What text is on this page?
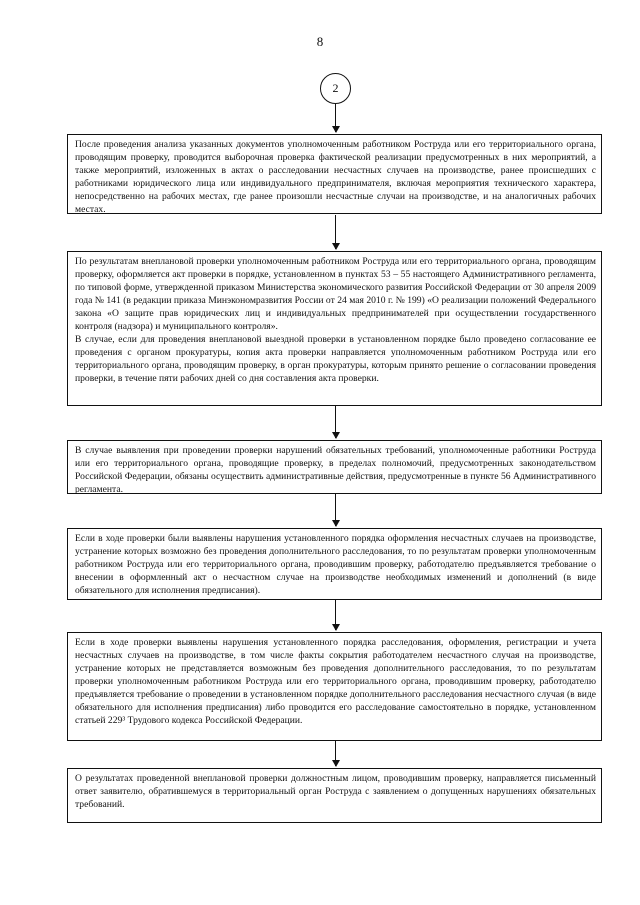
8
2

После проведения анализа указанных документов уполномоченным работником Роструда или его территориального органа, проводящим проверку, проводится выборочная проверка фактической реализации предусмотренных в них мероприятий, а также мероприятий, изложенных в актах о расследовании несчастных случаев на производстве, ранее происшедших с работниками юридического лица или индивидуального предпринимателя, включая мероприятия технического характера, непосредственно на рабочих местах, где ранее произошли несчастные случаи на производстве, и на аналогичных рабочих местах.

По результатам внеплановой проверки уполномоченным работником Роструда или его территориального органа, проводящим проверку, оформляется акт проверки в порядке, установленном в пунктах 53 – 55 настоящего Административного регламента, по типовой форме, утвержденной приказом Министерства экономического развития Российской Федерации от 30 апреля 2009 года № 141 (в редакции приказа Минэкономразвития России от 24 мая 2010 г. № 199) «О реализации положений Федерального закона «О защите прав юридических лиц и индивидуальных предпринимателей при осуществлении государственного контроля (надзора) и муниципального контроля».

В случае, если для проведения внеплановой выездной проверки в установленном порядке было проведено согласование ее проведения с органом прокуратуры, копия акта проверки направляется уполномоченным работником Роструда или его территориального органа, проводящим проверку, в орган прокуратуры, которым принято решение о согласовании проведения проверки, в течение пяти рабочих дней со дня составления акта проверки.

В случае выявления при проведении проверки нарушений обязательных требований, уполномоченные работники Роструда или его территориального органа, проводящие проверку, в пределах полномочий, предусмотренных законодательством Российской Федерации, обязаны осуществить административные действия, предусмотренные в пункте 56 Административного регламента.

Если в ходе проверки были выявлены нарушения установленного порядка оформления несчастных случаев на производстве, устранение которых возможно без проведения дополнительного расследования, то по результатам проверки уполномоченным работником Роструда или его территориального органа, проводившим проверку, работодателю предъявляется требование о внесении в оформленный акт о несчастном случае на производстве необходимых изменений и дополнений (в виде обязательного для исполнения предписания).

Если в ходе проверки выявлены нарушения установленного порядка расследования, оформления, регистрации и учета несчастных случаев на производстве, в том числе факты сокрытия работодателем несчастного случая на производстве, устранение которых не представляется возможным без проведения дополнительного расследования, то по результатам проверки уполномоченным работником Роструда или его территориального органа, проводившим проверку, работодателю предъявляется требование о проведении в установленном порядке дополнительного расследования несчастного случая (в виде обязательного для исполнения предписания) либо проводится его расследование самостоятельно в порядке, установленном статьей 229³ Трудового кодекса Российской Федерации.

О результатах проведенной внеплановой проверки должностным лицом, проводившим проверку, направляется письменный ответ заявителю, обратившемуся в территориальный орган Роструда с заявлением о допущенных нарушениях обязательных требований.
